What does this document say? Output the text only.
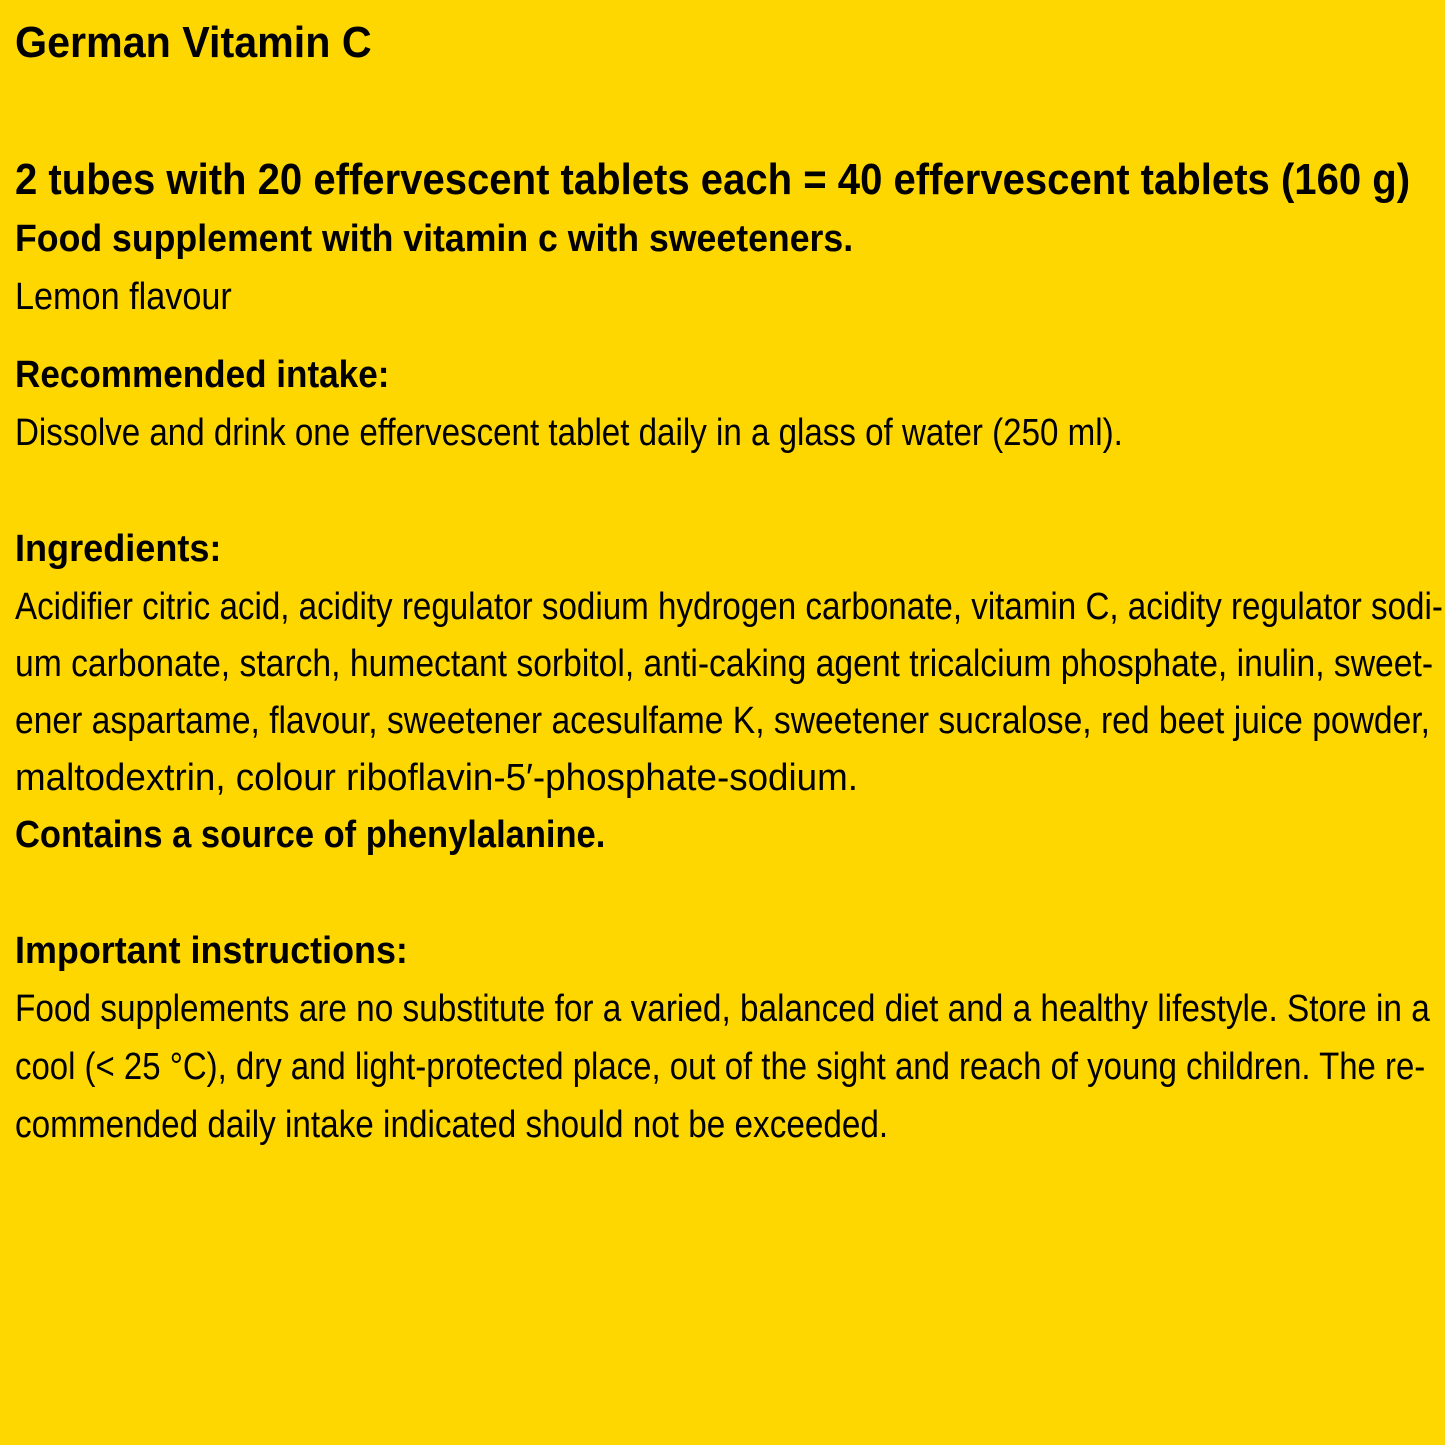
German Vitamin C
2 tubes with 20 effervescent tablets each = 40 effervescent tablets (160 g)
Food supplement with vitamin c with sweeteners.
Lemon flavour
Recommended intake:
Dissolve and drink one effervescent tablet daily in a glass of water (250 ml).
Ingredients:
Acidifier citric acid, acidity regulator sodium hydrogen carbonate, vitamin C, acidity regulator sodi-
um carbonate, starch, humectant sorbitol, anti-caking agent tricalcium phosphate, inulin, sweet-
ener aspartame, flavour, sweetener acesulfame K, sweetener sucralose, red beet juice powder,
maltodextrin, colour riboflavin-5′-phosphate-sodium.
Contains a source of phenylalanine.
Important instructions:
Food supplements are no substitute for a varied, balanced diet and a healthy lifestyle. Store in a
cool (< 25 °C), dry and light-protected place, out of the sight and reach of young children. The re-
commended daily intake indicated should not be exceeded.
